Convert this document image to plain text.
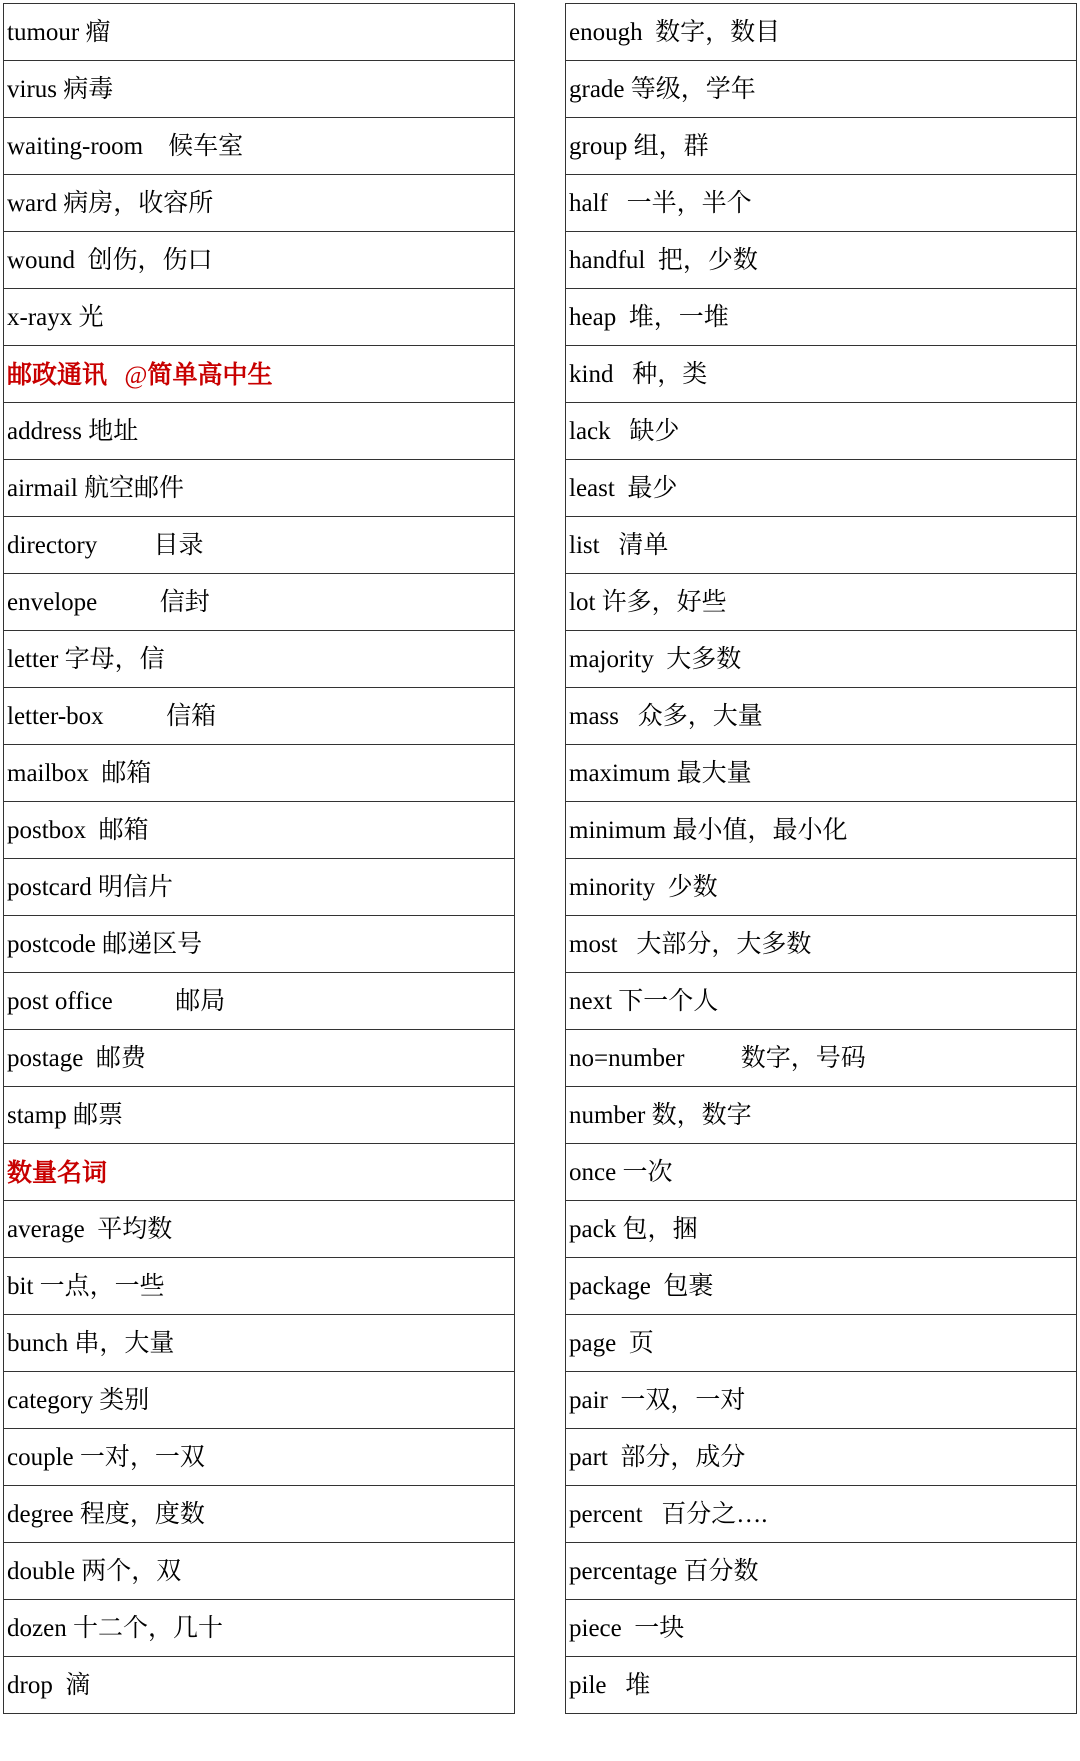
tumour 瘤
virus 病毒
waiting-room    候车室
ward 病房，收容所
wound  创伤，伤口
x-rayx 光
邮政通讯  @简单高中生
address 地址
airmail 航空邮件
directory         目录
envelope          信封
letter 字母，信
letter-box          信箱
mailbox  邮箱
postbox  邮箱
postcard 明信片
postcode 邮递区号
post office          邮局
postage  邮费
stamp 邮票
数量名词
average  平均数
bit 一点，一些
bunch 串，大量
category 类别
couple 一对，一双
degree 程度，度数
double 两个，双
dozen 十二个，几十
drop  滴
enough  数字，数目
grade 等级，学年
group 组，群
half   一半，半个
handful  把，少数
heap  堆，一堆
kind   种，类
lack   缺少
least  最少
list   清单
lot 许多，好些
majority  大多数
mass   众多，大量
maximum 最大量
minimum 最小值，最小化
minority  少数
most   大部分，大多数
next 下一个人
no=number         数字，号码
number 数，数字
once 一次
pack 包，捆
package  包裹
page  页
pair  一双，一对
part  部分，成分
percent   百分之….
percentage 百分数
piece  一块
pile   堆
